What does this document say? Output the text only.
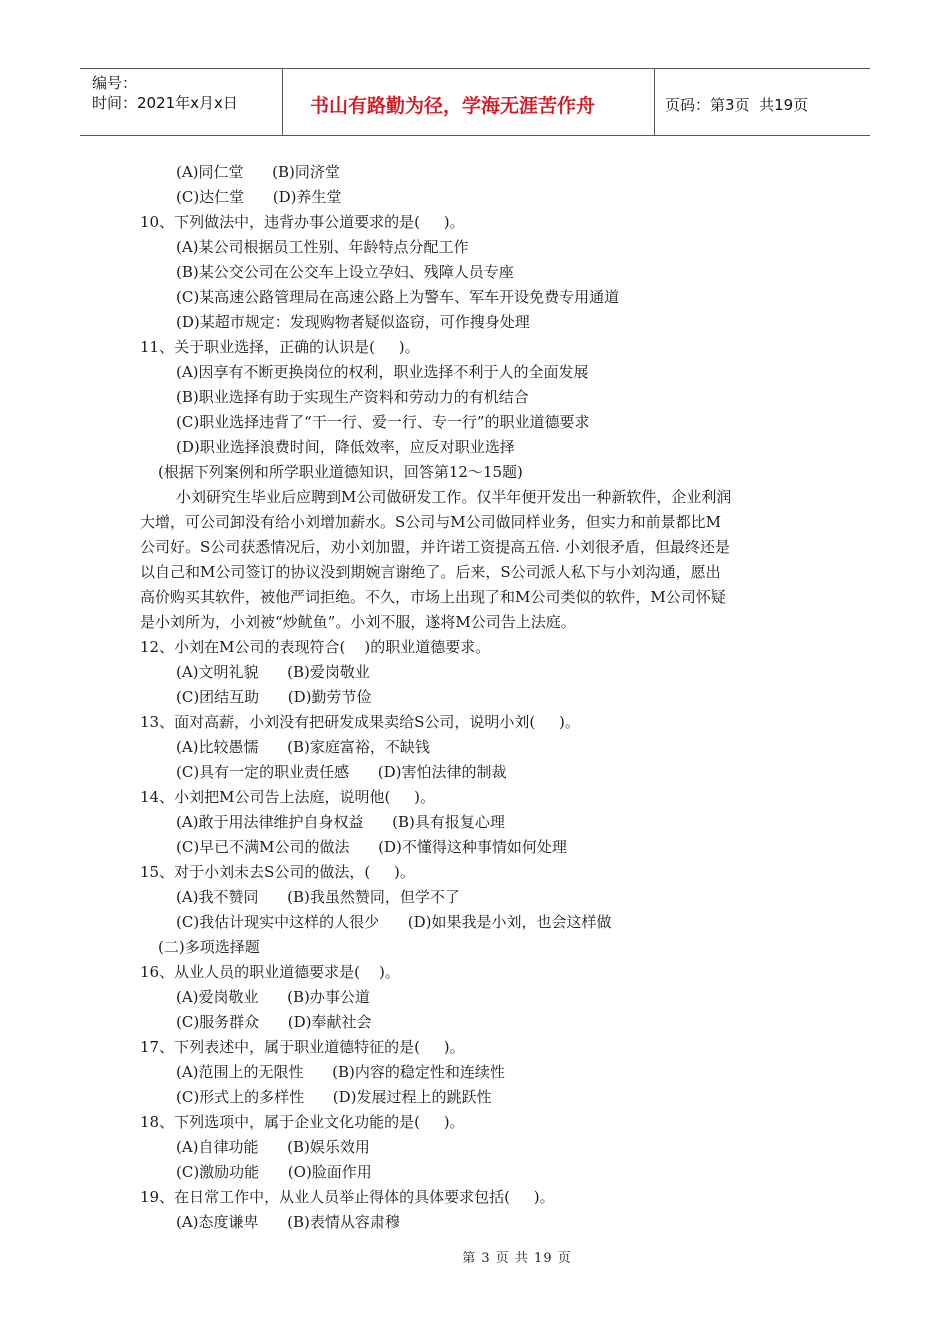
编号：
时间：2021年x月x日	书山有路勤为径，学海无涯苦作舟	页码：第3页  共19页
(A)同仁堂      (B)同济堂
(C)达仁堂      (D)养生堂
10、下列做法中，违背办事公道要求的是(     )。
(A)某公司根据员工性别、年龄特点分配工作
(B)某公交公司在公交车上设立孕妇、残障人员专座
(C)某高速公路管理局在高速公路上为警车、军车开设免费专用通道
(D)某超市规定：发现购物者疑似盗窃，可作搜身处理
11、关于职业选择，正确的认识是(     )。
(A)因享有不断更换岗位的权利，职业选择不利于人的全面发展
(B)职业选择有助于实现生产资料和劳动力的有机结合
(C)职业选择违背了“干一行、爱一行、专一行”的职业道德要求
(D)职业选择浪费时间，降低效率，应反对职业选择
(根据下列案例和所学职业道德知识，回答第12～15题)
小刘研究生毕业后应聘到M公司做研发工作。仅半年便开发出一种新软件，企业利润
大增，可公司卸没有给小刘增加薪水。S公司与M公司做同样业务，但实力和前景都比M
公司好。S公司获悉情况后，劝小刘加盟，并许诺工资提高五倍. 小刘很矛盾，但最终还是
以自己和M公司签订的协议没到期婉言谢绝了。后来，S公司派人私下与小刘沟通，愿出
高价购买其软件，被他严词拒绝。不久，市场上出现了和M公司类似的软件，M公司怀疑
是小刘所为，小刘被“炒鱿鱼”。小刘不服，遂将M公司告上法庭。
12、小刘在M公司的表现符合(    )的职业道德要求。
(A)文明礼貌      (B)爱岗敬业
(C)团结互助      (D)勤劳节俭
13、面对高薪，小刘没有把研发成果卖给S公司，说明小刘(     )。
(A)比较愚懦      (B)家庭富裕，不缺钱
(C)具有一定的职业责任感      (D)害怕法律的制裁
14、小刘把M公司告上法庭，说明他(     )。
(A)敢于用法律维护自身权益      (B)具有报复心理
(C)早已不满M公司的做法      (D)不懂得这种事情如何处理
15、对于小刘未去S公司的做法，(     )。
(A)我不赞同      (B)我虽然赞同，但学不了
(C)我估计现实中这样的人很少      (D)如果我是小刘，也会这样做
(二)多项选择题
16、从业人员的职业道德要求是(    )。
(A)爱岗敬业      (B)办事公道
(C)服务群众      (D)奉献社会
17、下列表述中，属于职业道德特征的是(     )。
(A)范围上的无限性      (B)内容的稳定性和连续性
(C)形式上的多样性      (D)发展过程上的跳跃性
18、下列选项中，属于企业文化功能的是(     )。
(A)自律功能      (B)娱乐效用
(C)激励功能      (O)脸面作用
19、在日常工作中，从业人员举止得体的具体要求包括(     )。
(A)态度谦卑      (B)表情从容肃穆
第 3 页 共 19 页
